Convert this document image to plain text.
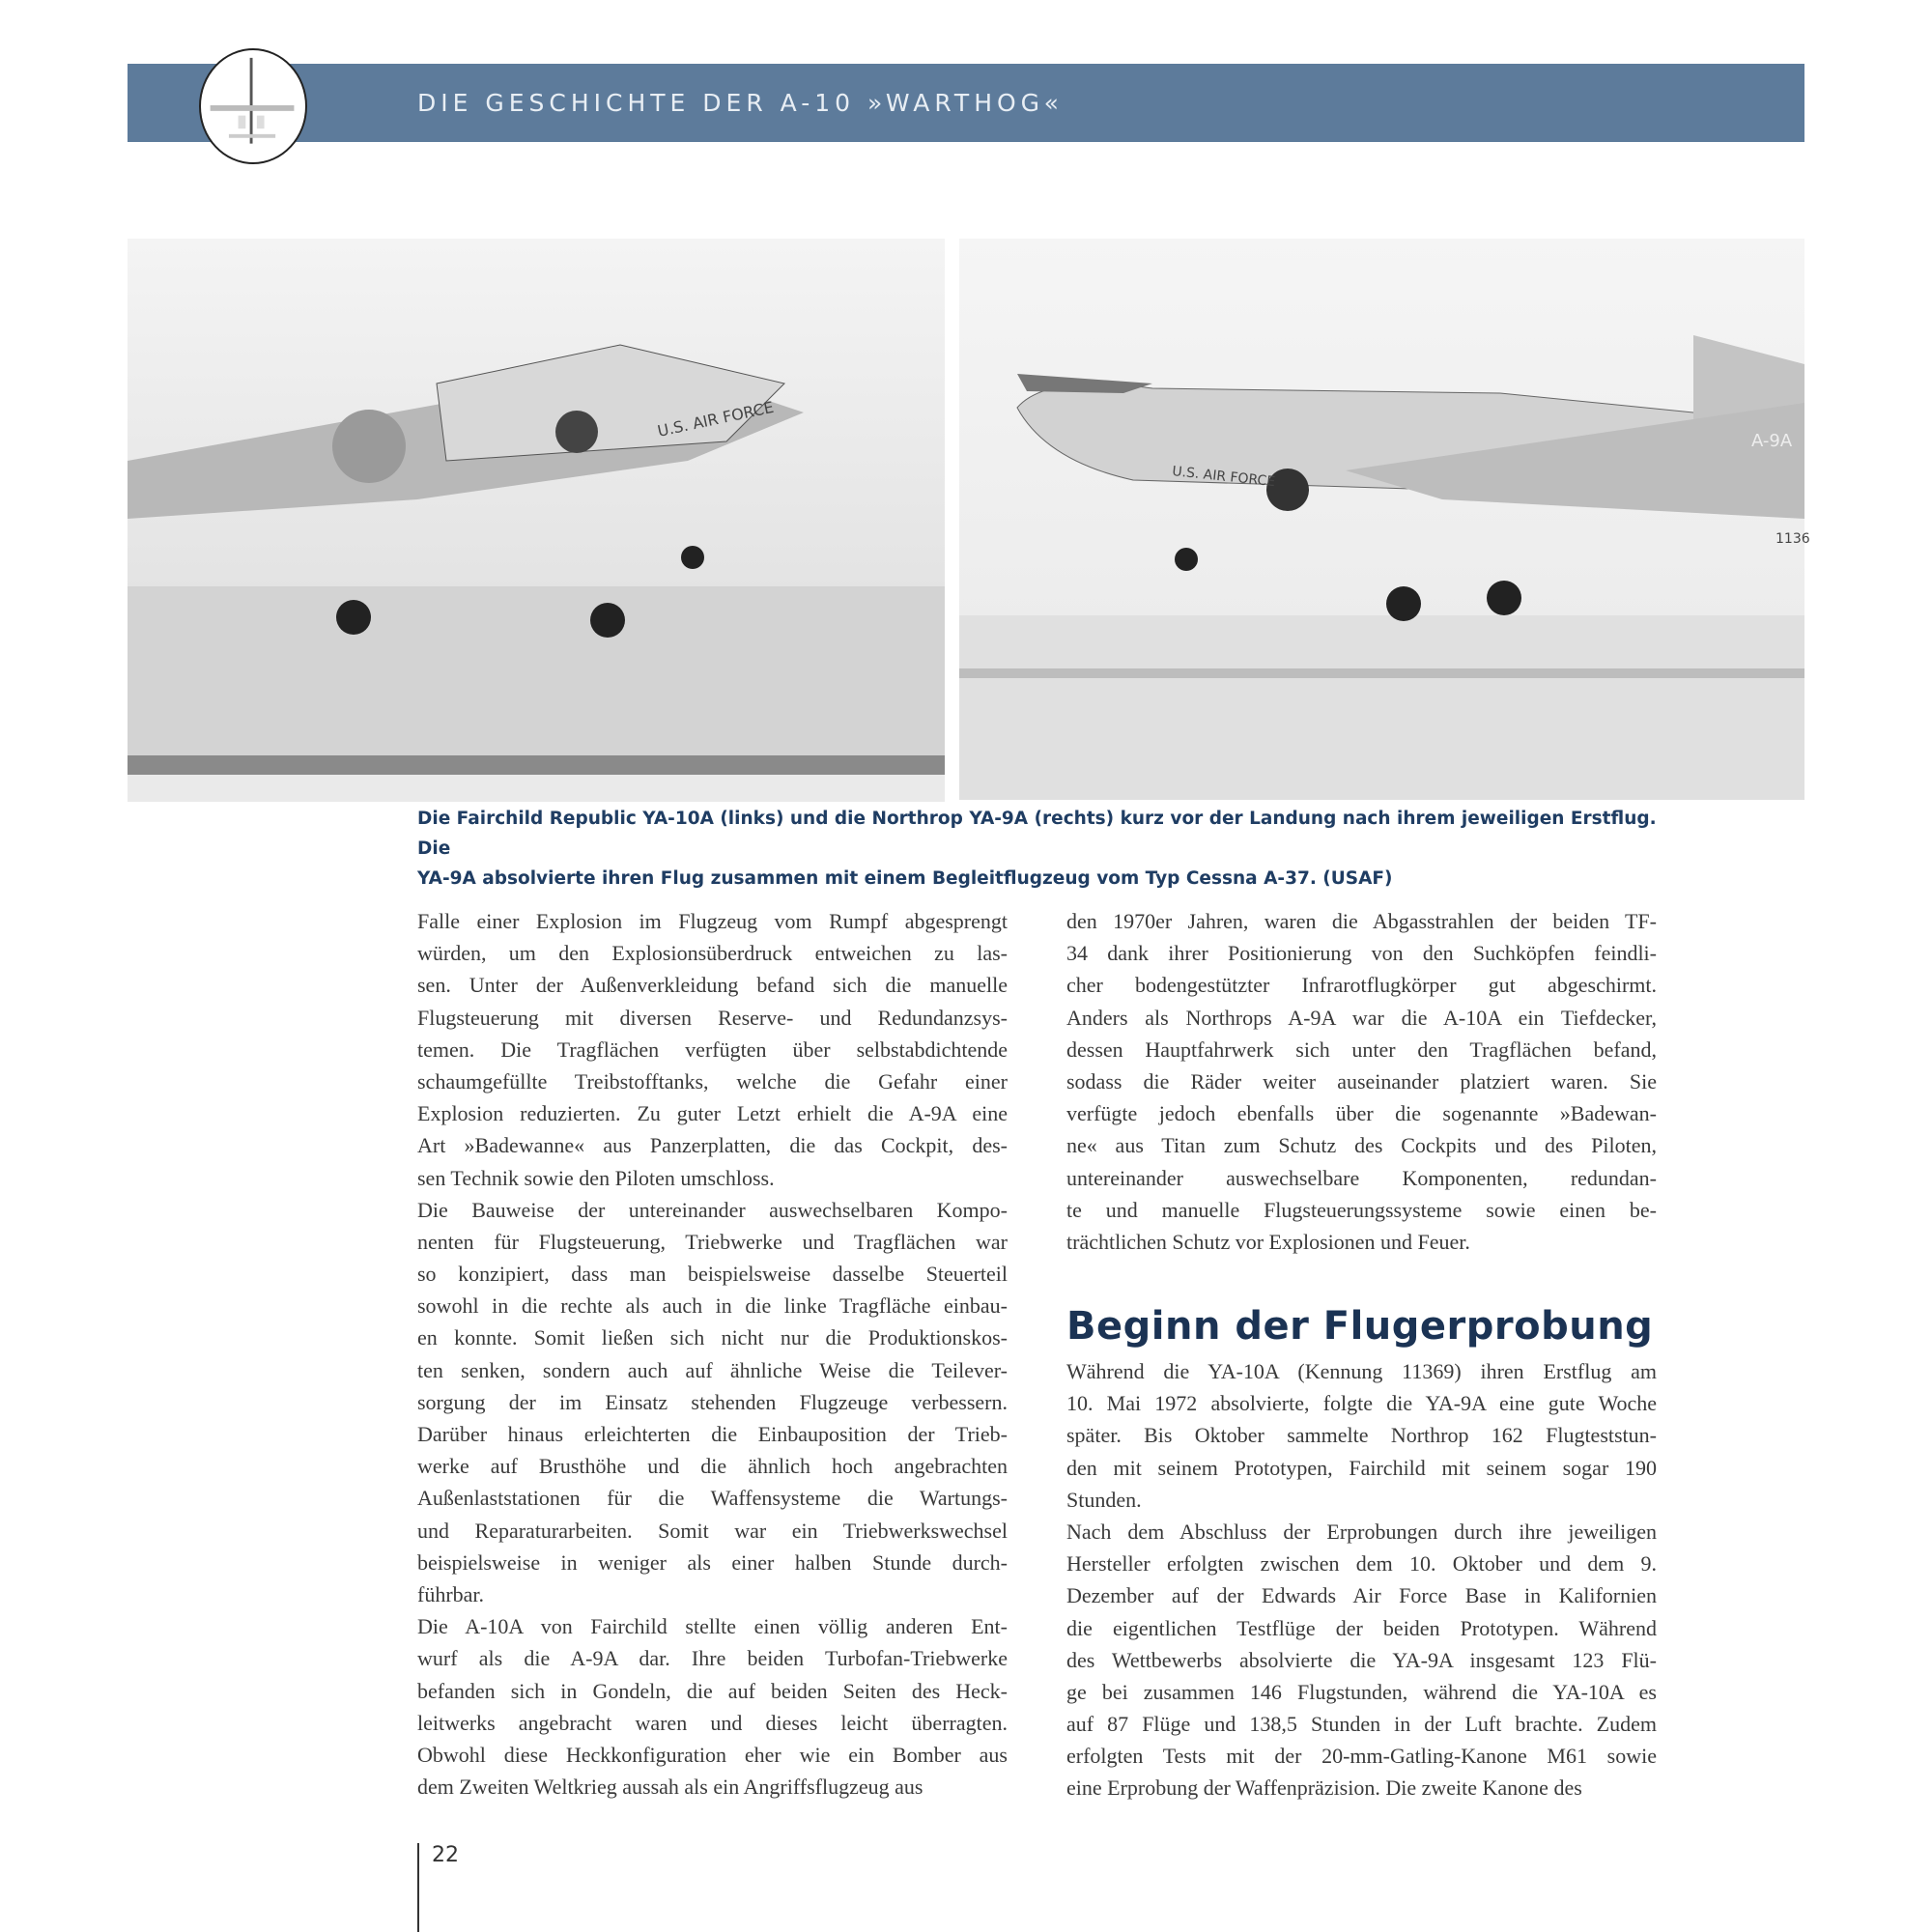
DIE GESCHICHTE DER A-10 »WARTHOG«
U.S. AIR FORCE
U.S. AIR FORCE
A-9A
1136
Die Fairchild Republic YA-10A (links) und die Northrop YA-9A (rechts) kurz vor der Landung nach ihrem jeweiligen Erstflug. Die
YA-9A absolvierte ihren Flug zusammen mit einem Begleitflugzeug vom Typ Cessna A-37. (USAF)
Falle einer Explosion im Flugzeug vom Rumpf abgesprengt
würden, um den Explosionsüberdruck entweichen zu las-
sen. Unter der Außenverkleidung befand sich die manuelle
Flugsteuerung mit diversen Reserve- und Redundanzsys-
temen. Die Tragflächen verfügten über selbstabdichtende
schaumgefüllte Treibstofftanks, welche die Gefahr einer
Explosion reduzierten. Zu guter Letzt erhielt die A-9A eine
Art »Badewanne« aus Panzerplatten, die das Cockpit, des-
sen Technik sowie den Piloten umschloss.
Die Bauweise der untereinander auswechselbaren Kompo-
nenten für Flugsteuerung, Triebwerke und Tragflächen war
so konzipiert, dass man beispielsweise dasselbe Steuerteil
sowohl in die rechte als auch in die linke Tragfläche einbau-
en konnte. Somit ließen sich nicht nur die Produktionskos-
ten senken, sondern auch auf ähnliche Weise die Teilever-
sorgung der im Einsatz stehenden Flugzeuge verbessern.
Darüber hinaus erleichterten die Einbauposition der Trieb-
werke auf Brusthöhe und die ähnlich hoch angebrachten
Außenlaststationen für die Waffensysteme die Wartungs-
und Reparaturarbeiten. Somit war ein Triebwerkswechsel
beispielsweise in weniger als einer halben Stunde durch-
führbar.
Die A-10A von Fairchild stellte einen völlig anderen Ent-
wurf als die A-9A dar. Ihre beiden Turbofan-Triebwerke
befanden sich in Gondeln, die auf beiden Seiten des Heck-
leitwerks angebracht waren und dieses leicht überragten.
Obwohl diese Heckkonfiguration eher wie ein Bomber aus
dem Zweiten Weltkrieg aussah als ein Angriffsflugzeug aus
den 1970er Jahren, waren die Abgasstrahlen der beiden TF-
34 dank ihrer Positionierung von den Suchköpfen feindli-
cher bodengestützter Infrarotflugkörper gut abgeschirmt.
Anders als Northrops A-9A war die A-10A ein Tiefdecker,
dessen Hauptfahrwerk sich unter den Tragflächen befand,
sodass die Räder weiter auseinander platziert waren. Sie
verfügte jedoch ebenfalls über die sogenannte »Badewan-
ne« aus Titan zum Schutz des Cockpits und des Piloten,
untereinander auswechselbare Komponenten, redundan-
te und manuelle Flugsteuerungssysteme sowie einen be-
trächtlichen Schutz vor Explosionen und Feuer.
Beginn der Flugerprobung
Während die YA-10A (Kennung 11369) ihren Erstflug am
10. Mai 1972 absolvierte, folgte die YA-9A eine gute Woche
später. Bis Oktober sammelte Northrop 162 Flugteststun-
den mit seinem Prototypen, Fairchild mit seinem sogar 190
Stunden.
Nach dem Abschluss der Erprobungen durch ihre jeweiligen
Hersteller erfolgten zwischen dem 10. Oktober und dem 9.
Dezember auf der Edwards Air Force Base in Kalifornien
die eigentlichen Testflüge der beiden Prototypen. Während
des Wettbewerbs absolvierte die YA-9A insgesamt 123 Flü-
ge bei zusammen 146 Flugstunden, während die YA-10A es
auf 87 Flüge und 138,5 Stunden in der Luft brachte. Zudem
erfolgten Tests mit der 20-mm-Gatling-Kanone M61 sowie
eine Erprobung der Waffenpräzision. Die zweite Kanone des
22
